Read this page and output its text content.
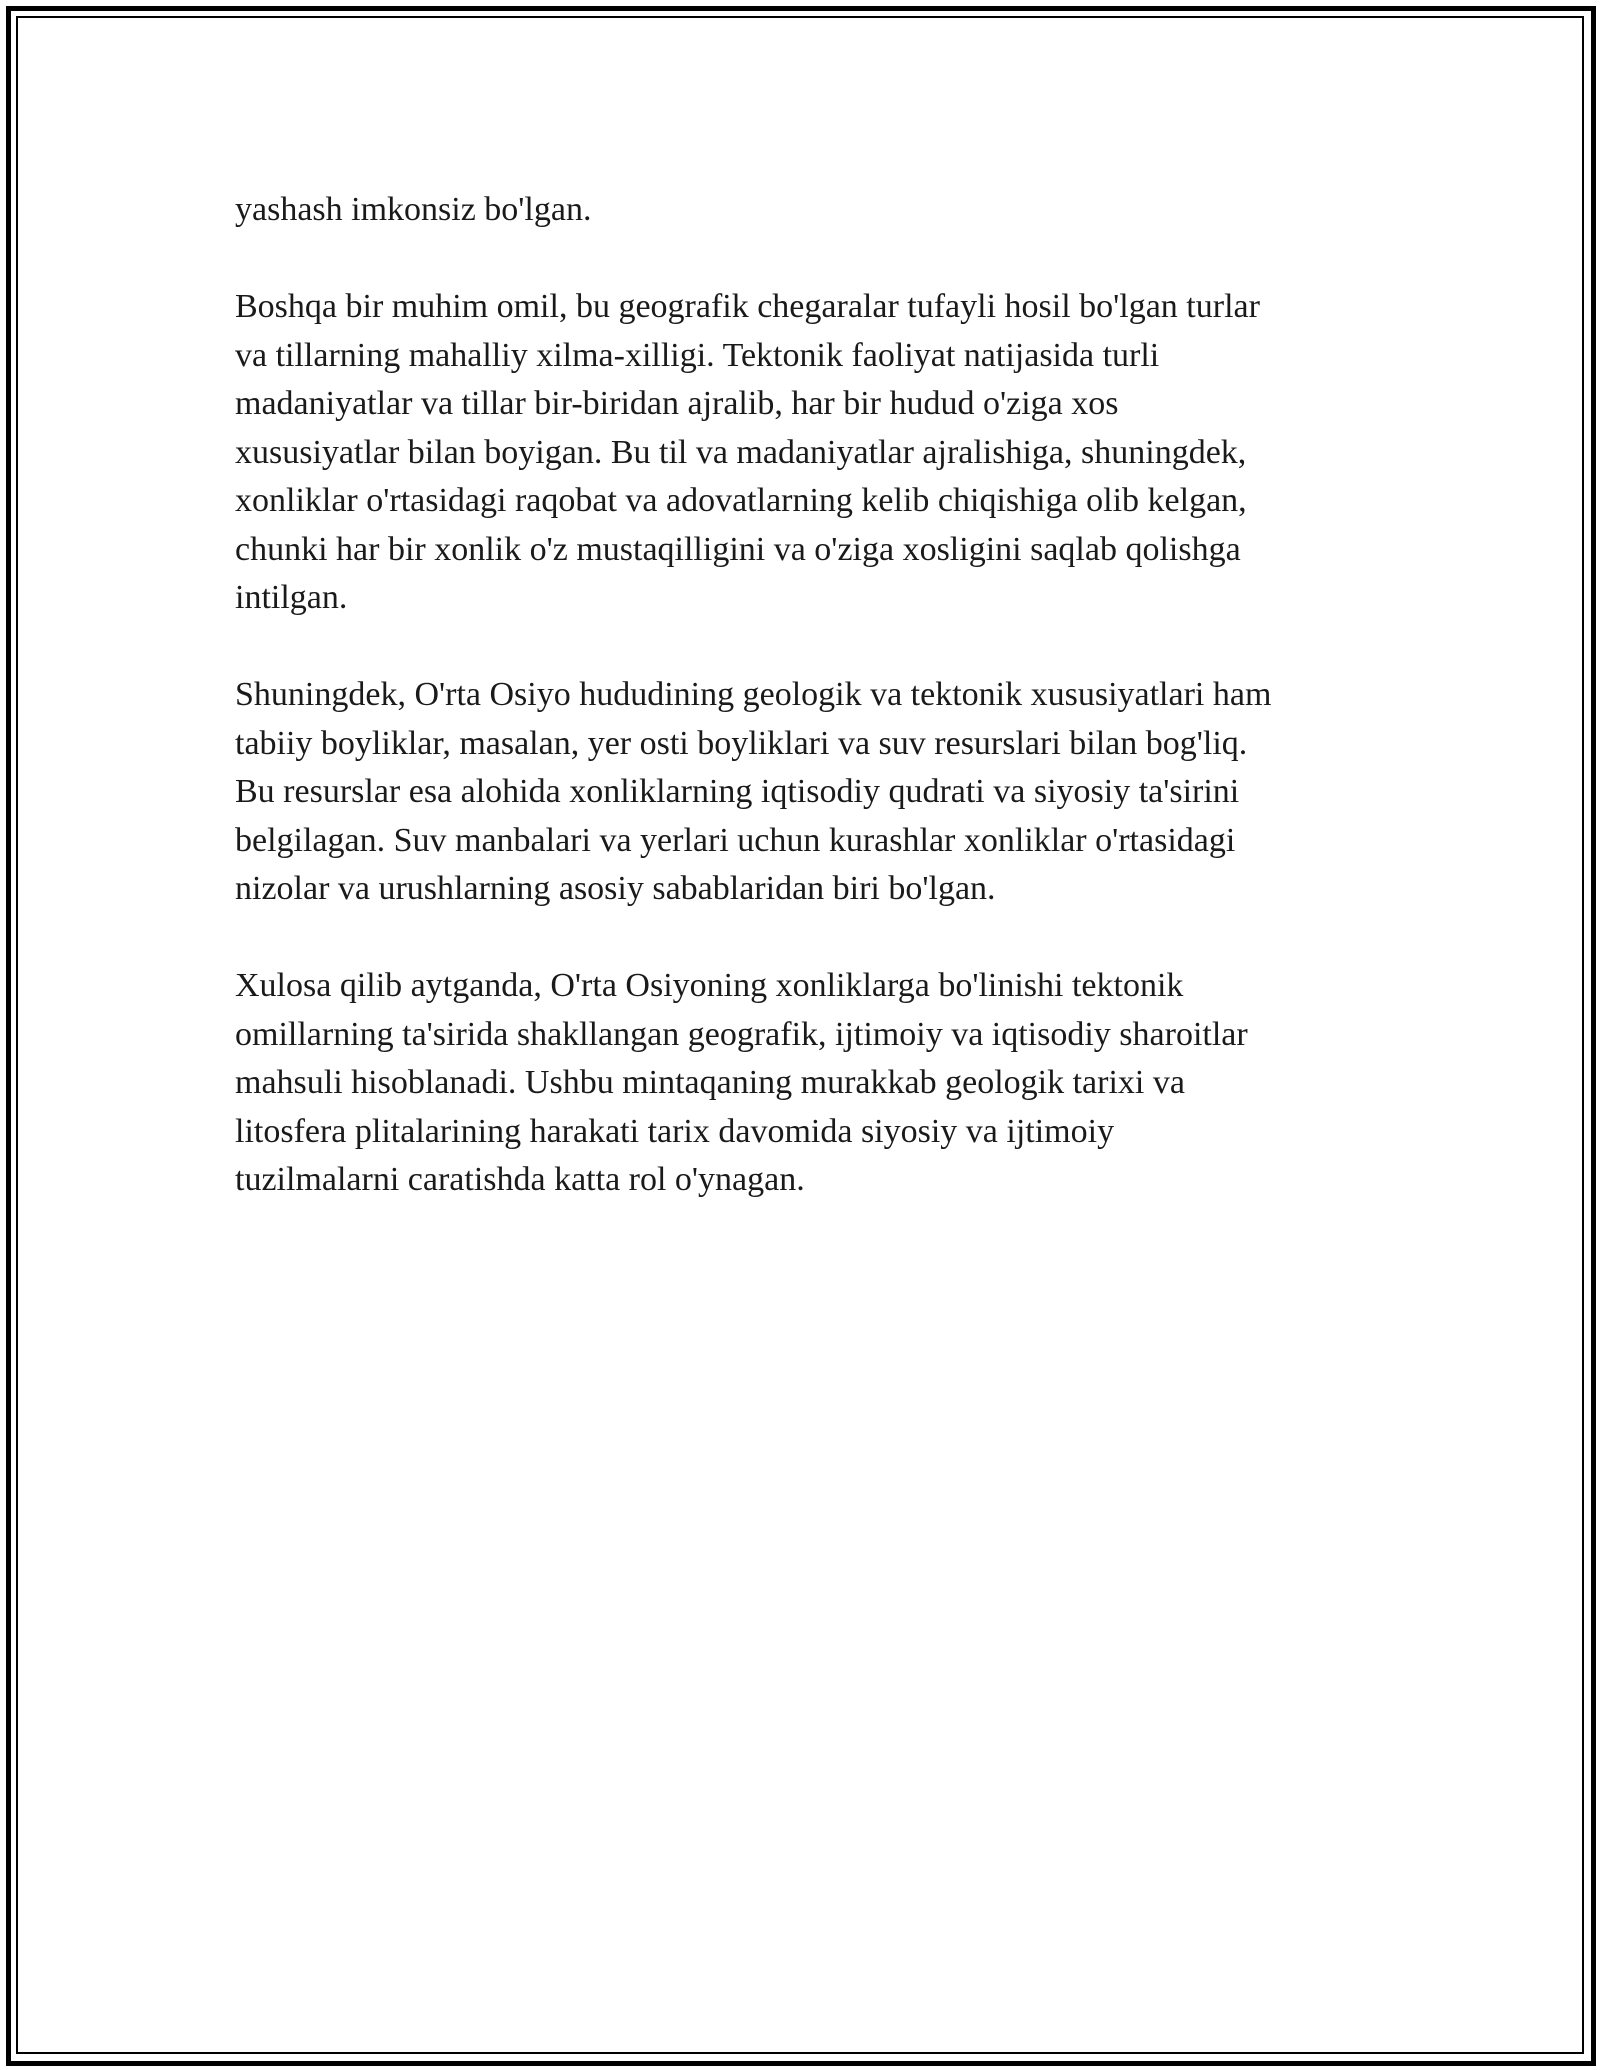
yashash imkonsiz bo'lgan.

Boshqa bir muhim omil, bu geografik chegaralar tufayli hosil bo'lgan turlar
va tillarning mahalliy xilma-xilligi. Tektonik faoliyat natijasida turli
madaniyatlar va tillar bir-biridan ajralib, har bir hudud o'ziga xos
xususiyatlar bilan boyigan. Bu til va madaniyatlar ajralishiga, shuningdek,
xonliklar o'rtasidagi raqobat va adovatlarning kelib chiqishiga olib kelgan,
chunki har bir xonlik o'z mustaqilligini va o'ziga xosligini saqlab qolishga
intilgan.

Shuningdek, O'rta Osiyo hududining geologik va tektonik xususiyatlari ham
tabiiy boyliklar, masalan, yer osti boyliklari va suv resurslari bilan bog'liq.
Bu resurslar esa alohida xonliklarning iqtisodiy qudrati va siyosiy ta'sirini
belgilagan. Suv manbalari va yerlari uchun kurashlar xonliklar o'rtasidagi
nizolar va urushlarning asosiy sabablaridan biri bo'lgan.

Xulosa qilib aytganda, O'rta Osiyoning xonliklarga bo'linishi tektonik
omillarning ta'sirida shakllangan geografik, ijtimoiy va iqtisodiy sharoitlar
mahsuli hisoblanadi. Ushbu mintaqaning murakkab geologik tarixi va
litosfera plitalarining harakati tarix davomida siyosiy va ijtimoiy
tuzilmalarni caratishda katta rol o'ynagan.
